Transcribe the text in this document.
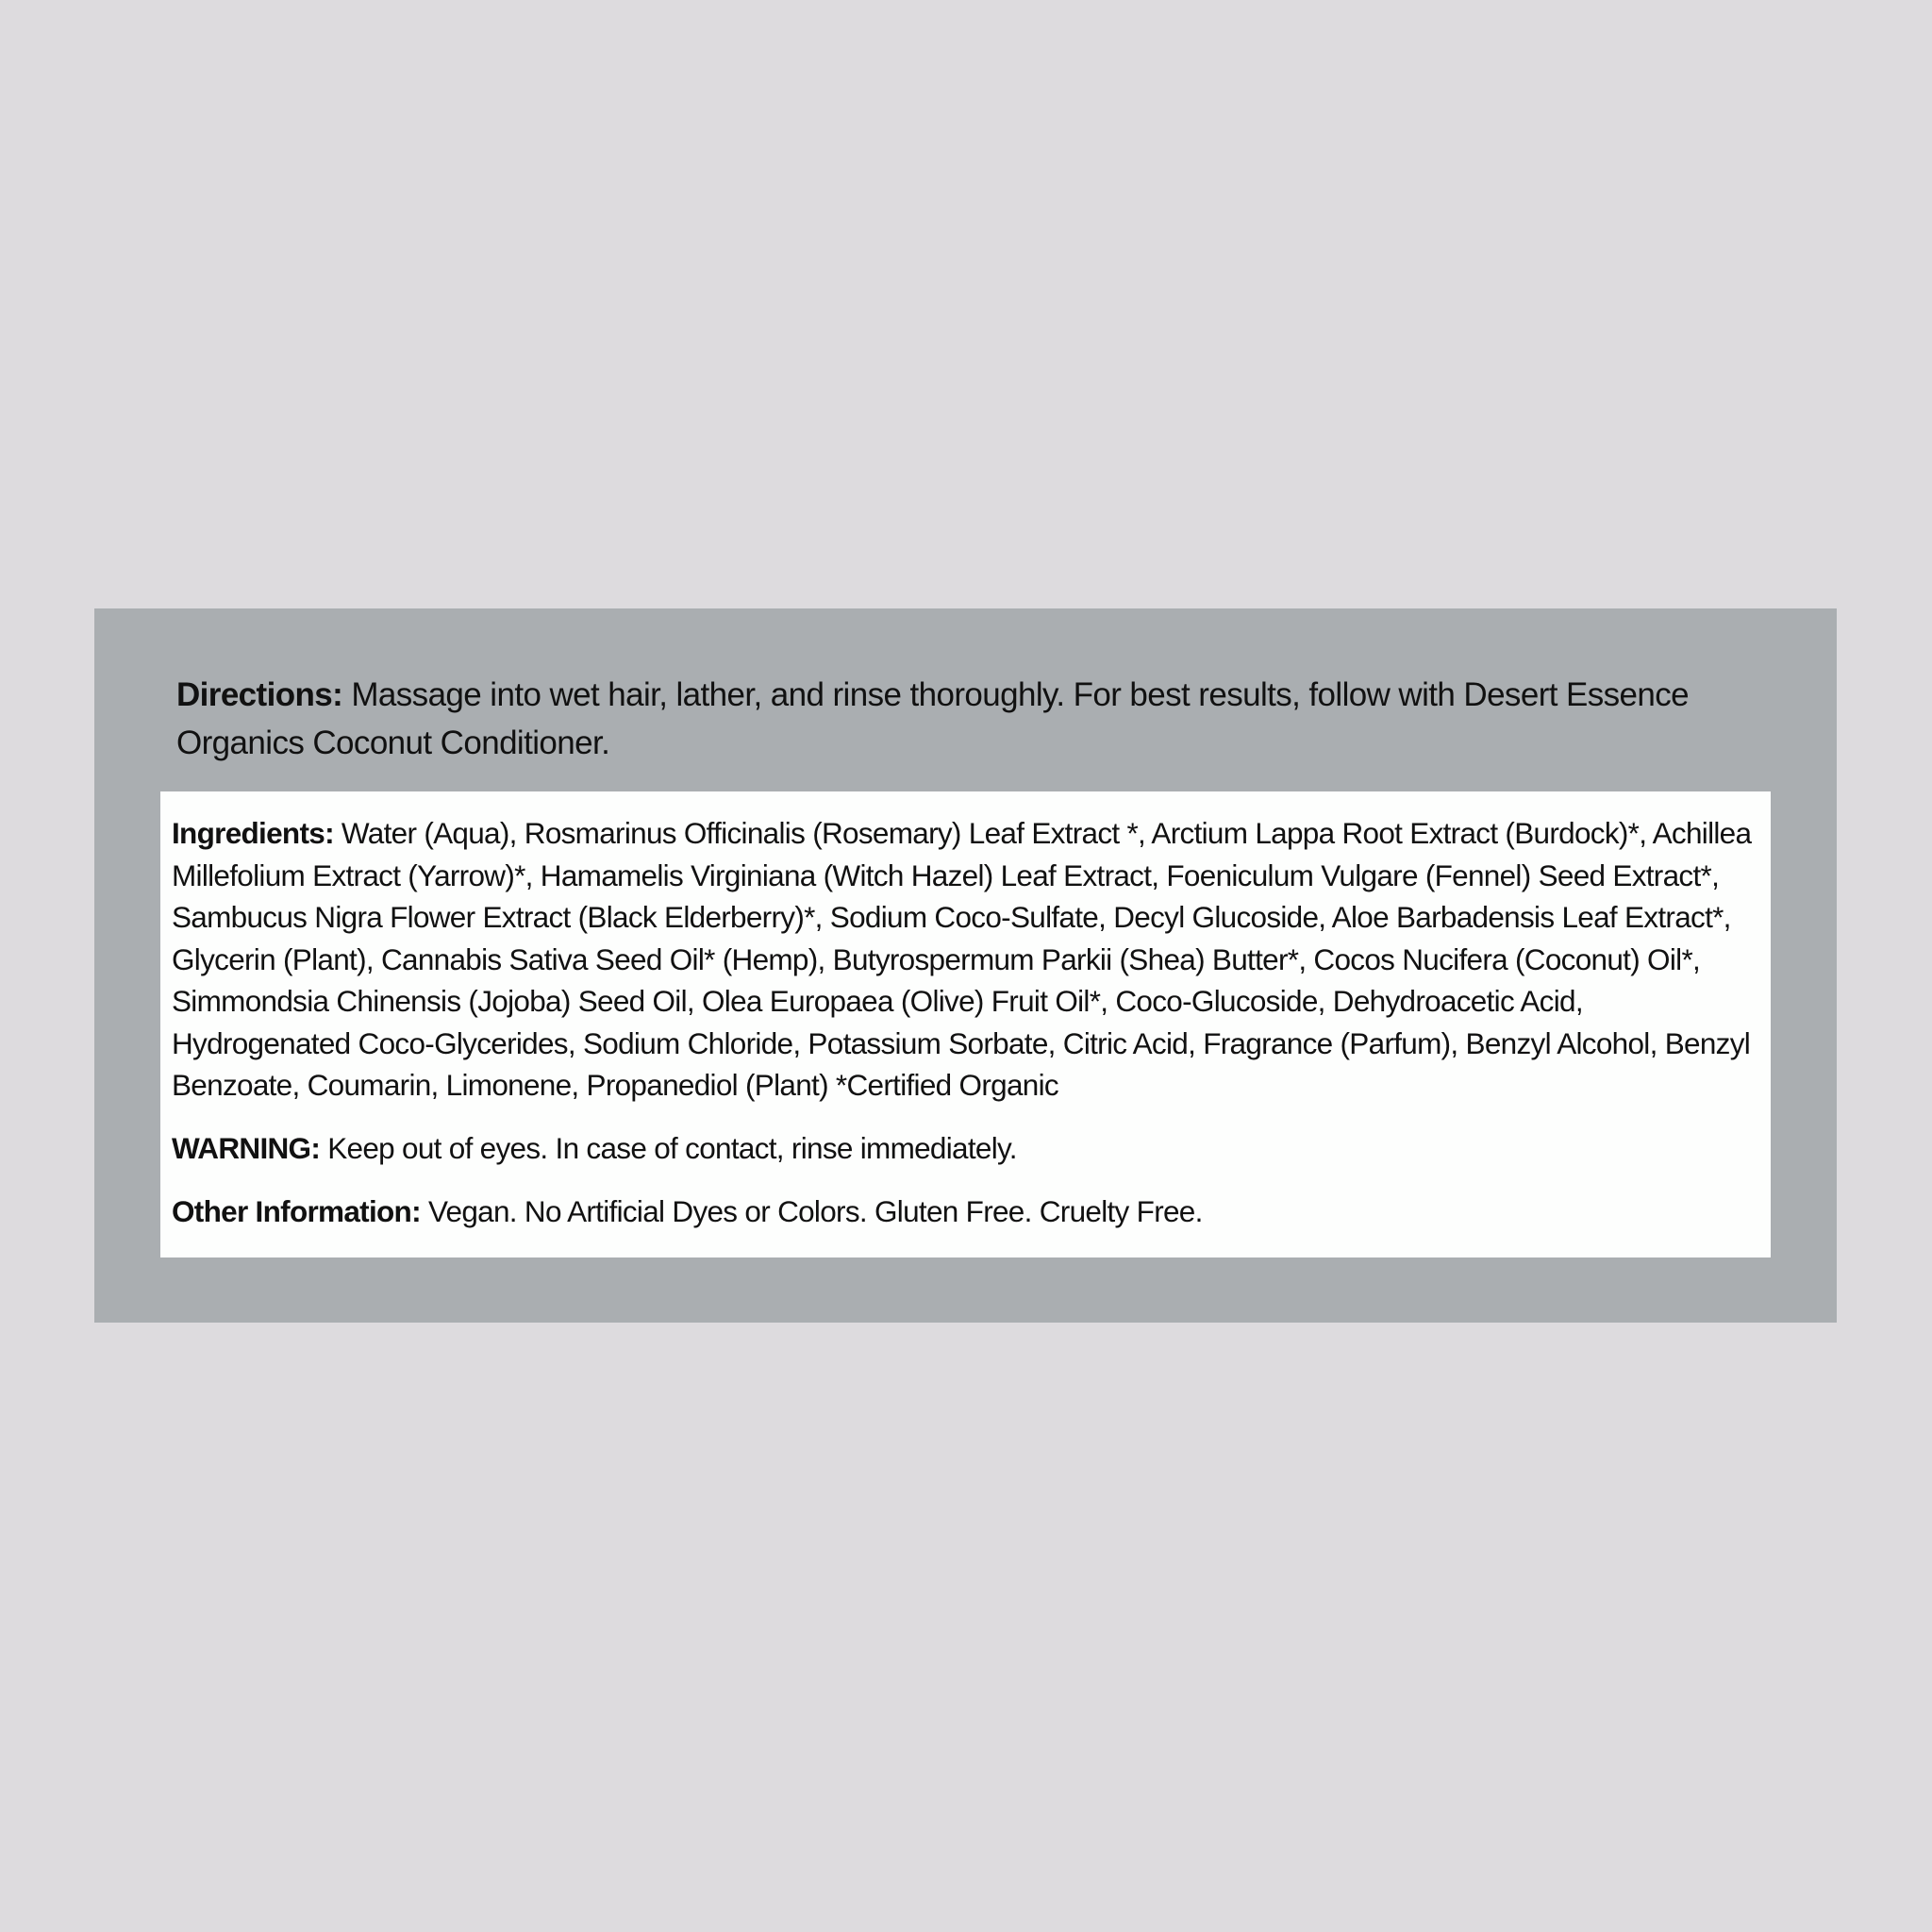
Directions: Massage into wet hair, lather, and rinse thoroughly. For best results, follow with Desert Essence Organics Coconut Conditioner.

Ingredients: Water (Aqua), Rosmarinus Officinalis (Rosemary) Leaf Extract *, Arctium Lappa Root Extract (Burdock)*, Achillea Millefolium Extract (Yarrow)*, Hamamelis Virginiana (Witch Hazel) Leaf Extract, Foeniculum Vulgare (Fennel) Seed Extract*, Sambucus Nigra Flower Extract (Black Elderberry)*, Sodium Coco-Sulfate, Decyl Glucoside, Aloe Barbadensis Leaf Extract*, Glycerin (Plant), Cannabis Sativa Seed Oil* (Hemp), Butyrospermum Parkii (Shea) Butter*, Cocos Nucifera (Coconut) Oil*, Simmondsia Chinensis (Jojoba) Seed Oil, Olea Europaea (Olive) Fruit Oil*, Coco-Glucoside, Dehydroacetic Acid, Hydrogenated Coco-Glycerides, Sodium Chloride, Potassium Sorbate, Citric Acid, Fragrance (Parfum), Benzyl Alcohol, Benzyl Benzoate, Coumarin, Limonene, Propanediol (Plant) *Certified Organic

WARNING: Keep out of eyes. In case of contact, rinse immediately.

Other Information: Vegan. No Artificial Dyes or Colors. Gluten Free. Cruelty Free.
